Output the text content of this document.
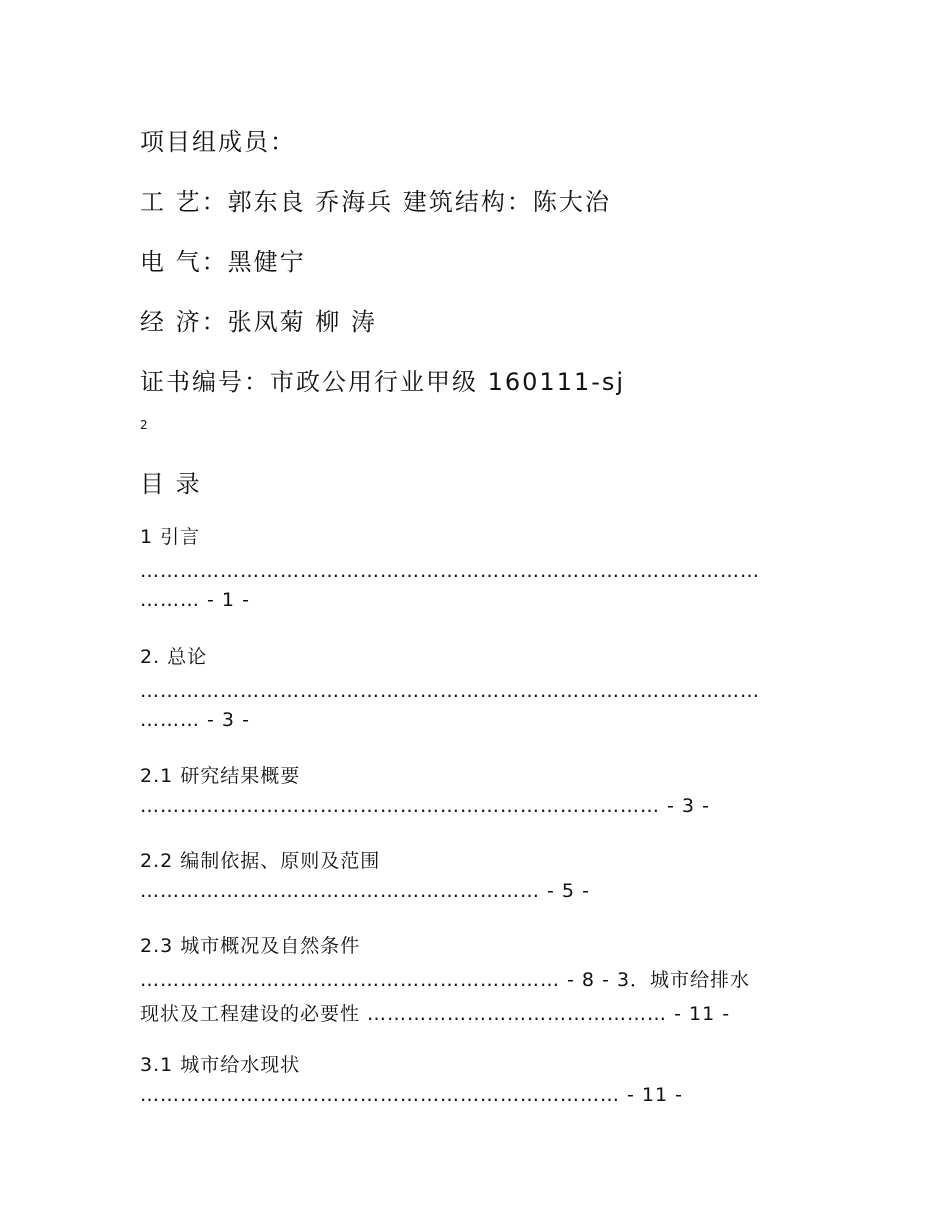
项目组成员：

工 艺：郭东良 乔海兵 建筑结构：陈大治

电 气：黑健宁

经 济：张凤菊 柳 涛

证书编号：市政公用行业甲级 160111-sj

2

目 录

1 引言

…………………………………………………………………………………

……… - 1 -

2. 总论

…………………………………………………………………………………

……… - 3 -

2.1 研究结果概要

…………………………………………………………………… - 3 -

2.2 编制依据、原则及范围

…………………………………………………… - 5 -

2.3 城市概况及自然条件

……………………………………………………… - 8 - 3．城市给排水

现状及工程建设的必要性 ……………………………………… - 11 -

3.1 城市给水现状

……………………………………………………………… - 11 -
